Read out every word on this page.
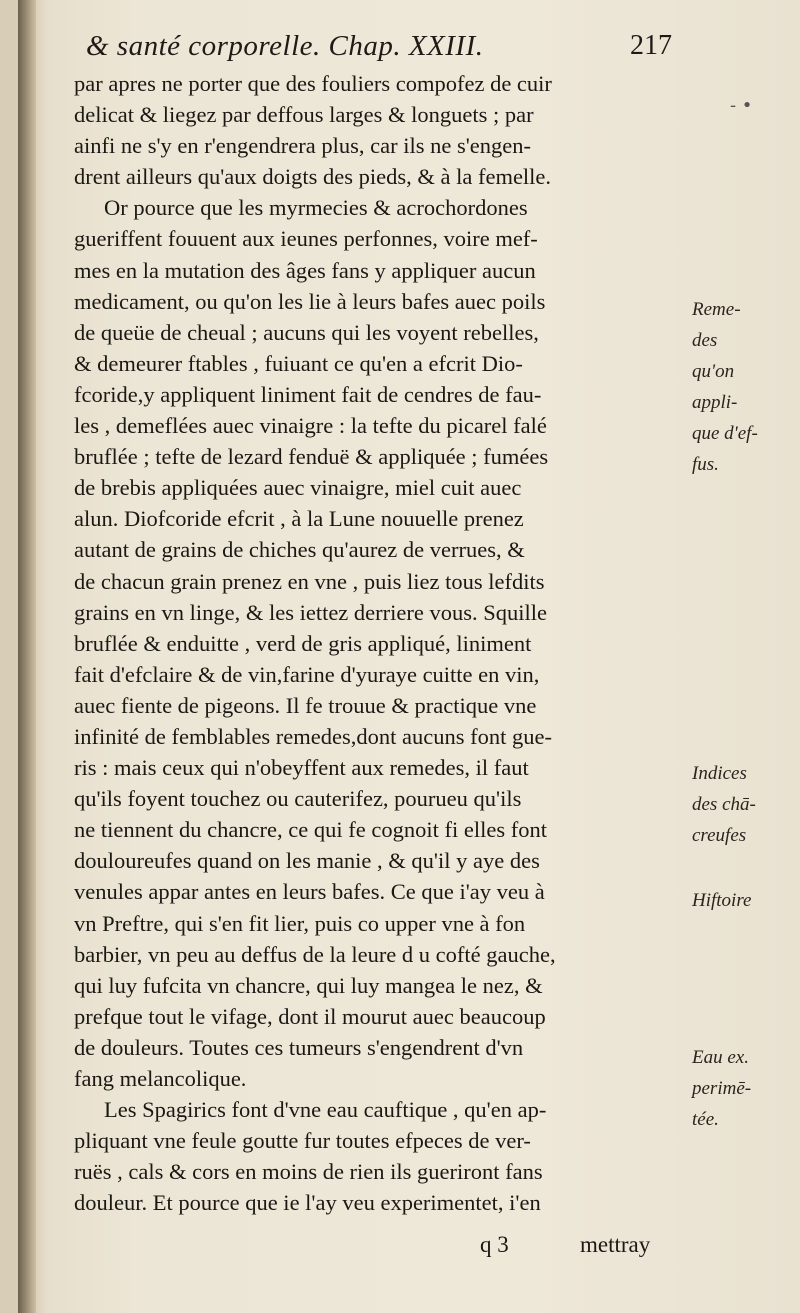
& santé corporelle. Chap. XXIII.	217
- •
par apres ne porter que des fouliers compofez de cuir
delicat & liegez par deffous larges & longuets ; par
ainfi ne s'y en r'engendrera plus, car ils ne s'engen-
drent ailleurs qu'aux doigts des pieds, & à la femelle.
Or pource que les myrmecies & acrochordones
gueriffent fouuent aux ieunes perfonnes, voire mef-
mes en la mutation des âges fans y appliquer aucun
medicament, ou qu'on les lie à leurs bafes auec poils
de queüe de cheual ; aucuns qui les voyent rebelles,
& demeurer ftables , fuiuant ce qu'en a efcrit Dio-
fcoride,y appliquent liniment fait de cendres de fau-
les , demeflées auec vinaigre : la tefte du picarel falé
bruflée ; tefte de lezard fenduë & appliquée ; fumées
de brebis appliquées auec vinaigre, miel cuit auec
alun. Diofcoride efcrit , à la Lune nouuelle prenez
autant de grains de chiches qu'aurez de verrues, &
de chacun grain prenez en vne , puis liez tous lefdits
grains en vn linge, & les iettez derriere vous. Squille
bruflée & enduitte , verd de gris appliqué, liniment
fait d'efclaire & de vin,farine d'yuraye cuitte en vin,
auec fiente de pigeons. Il fe trouue & practique vne
infinité de femblables remedes,dont aucuns font gue-
ris : mais ceux qui n'obeyffent aux remedes, il faut
qu'ils foyent touchez ou cauterifez, pourueu qu'ils
ne tiennent du chancre, ce qui fe cognoit fi elles font
douloureufes quand on les manie , & qu'il y aye des
venules appar antes en leurs bafes. Ce que i'ay veu à
vn Preftre, qui s'en fit lier, puis co upper vne à fon
barbier, vn peu au deffus de la leure d u cofté gauche,
qui luy fufcita vn chancre, qui luy mangea le nez, &
prefque tout le vifage, dont il mourut auec beaucoup
de douleurs. Toutes ces tumeurs s'engendrent d'vn
fang melancolique.
Les Spagirics font d'vne eau cauftique , qu'en ap-
pliquant vne feule goutte fur toutes efpeces de ver-
ruës , cals & cors en moins de rien ils gueriront fans
douleur. Et pource que ie l'ay veu experimentet, i'en
Reme-
des
qu'on
appli-
que d'ef-
fus.
Indices
des chā-
creufes
Hiftoire
Eau ex.
perimē-
tée.
q 3	mettray
